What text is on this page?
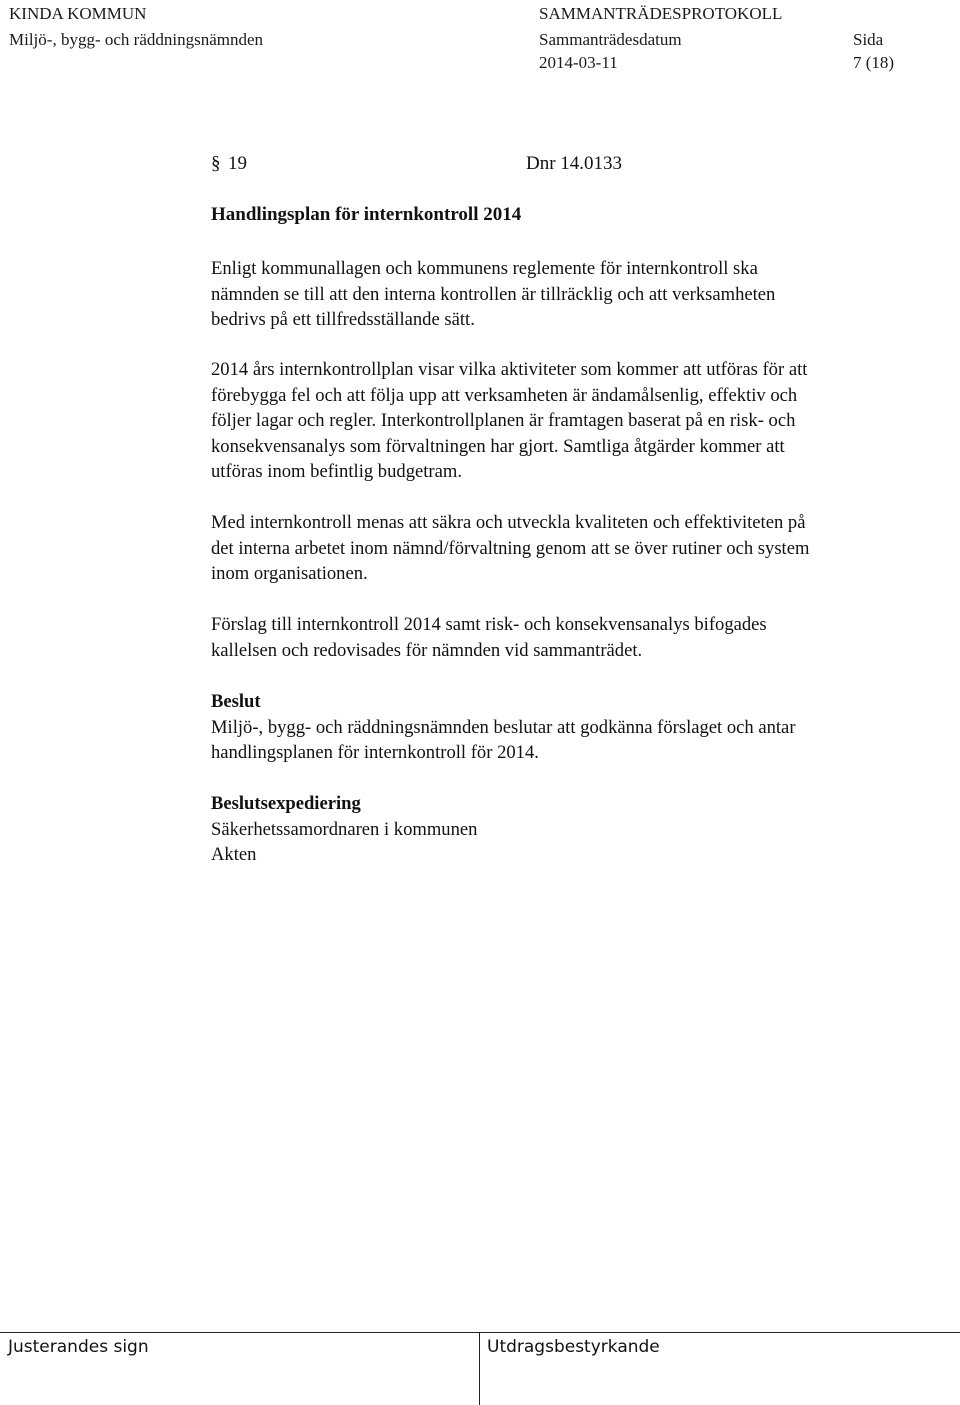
KINDA KOMMUN	SAMMANTRÄDESPROTOKOLL
Miljö-, bygg- och räddningsnämnden	Sammanträdesdatum
2014-03-11
Sida
7 (18)
§ 19	Dnr 14.0133
Handlingsplan för internkontroll 2014
Enligt kommunallagen och kommunens reglemente för internkontroll ska
nämnden se till att den interna kontrollen är tillräcklig och att verksamheten
bedrivs på ett tillfredsställande sätt.
2014 års internkontrollplan visar vilka aktiviteter som kommer att utföras för att
förebygga fel och att följa upp att verksamheten är ändamålsenlig, effektiv och
följer lagar och regler. Interkontrollplanen är framtagen baserat på en risk- och
konsekvensanalys som förvaltningen har gjort. Samtliga åtgärder kommer att
utföras inom befintlig budgetram.
Med internkontroll menas att säkra och utveckla kvaliteten och effektiviteten på
det interna arbetet inom nämnd/förvaltning genom att se över rutiner och system
inom organisationen.
Förslag till internkontroll 2014 samt risk- och konsekvensanalys bifogades
kallelsen och redovisades för nämnden vid sammanträdet.
Beslut
Miljö-, bygg- och räddningsnämnden beslutar att godkänna förslaget och antar
handlingsplanen för internkontroll för 2014.
Beslutsexpediering
Säkerhetssamordnaren i kommunen
Akten
Justerandes sign	Utdragsbestyrkande
